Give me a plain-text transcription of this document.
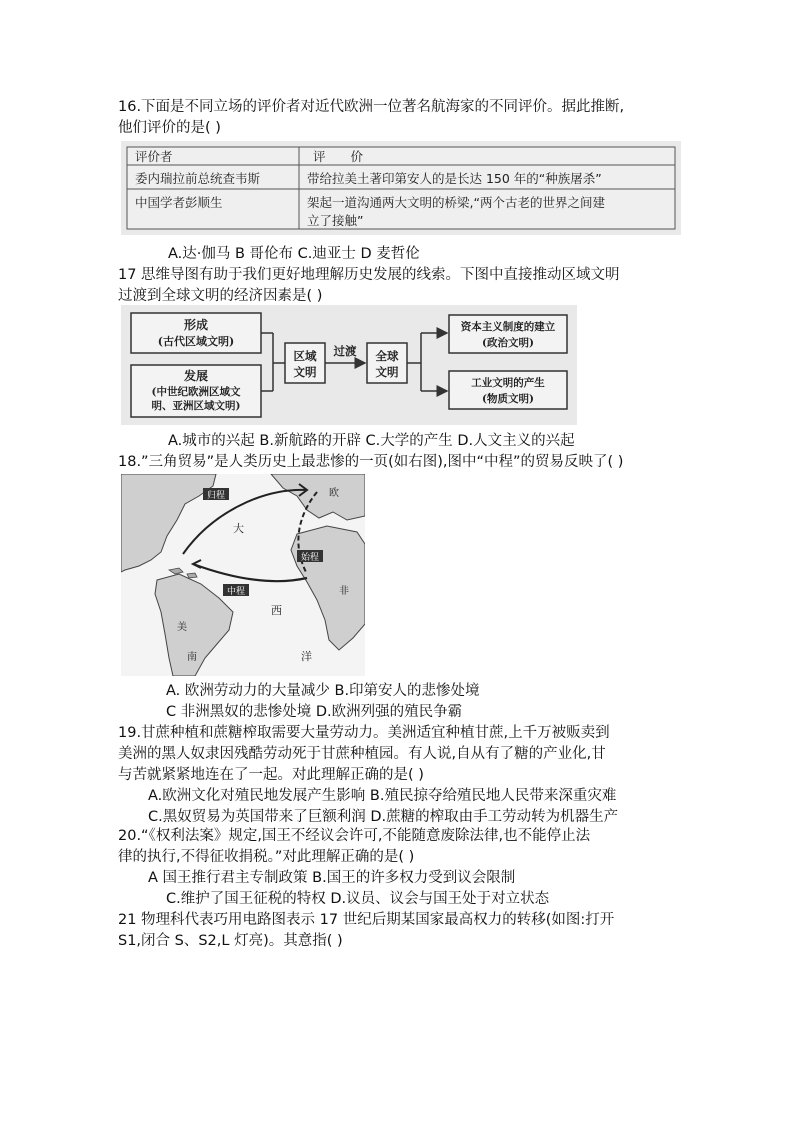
16.下面是不同立场的评价者对近代欧洲一位著名航海家的不同评价。据此推断,
他们评价的是( )
评价者	评　　价
委内瑞拉前总统查韦斯	带给拉美土著印第安人的是长达 150 年的“种族屠杀”
中国学者彭顺生	架起一道沟通两大文明的桥梁,“两个古老的世界之间建
立了接触”
A.达·伽马 B 哥伦布 C.迪亚士 D 麦哲伦
17 思维导图有助于我们更好地理解历史发展的线索。下图中直接推动区域文明
过渡到全球文明的经济因素是( )
形成
(古代区域文明)
发展
(中世纪欧洲区域文
明、亚洲区域文明)
区域
文明
过渡 全球
文明
资本主义制度的建立
(政治文明)
工业文明的产生
(物质文明)
A.城市的兴起 B.新航路的开辟 C.大学的产生 D.人文主义的兴起
18.”三角贸易”是人类历史上最悲惨的一页(如右图),图中“中程”的贸易反映了( )
归程
始程
中程
欧
大
西
洋
非
美
南
A. 欧洲劳动力的大量减少 B.印第安人的悲惨处境
C 非洲黑奴的悲惨处境 D.欧洲列强的殖民争霸
19.甘蔗种植和蔗糖榨取需要大量劳动力。美洲适宜种植甘蔗,上千万被贩卖到
美洲的黑人奴隶因残酷劳动死于甘蔗种植园。有人说,自从有了糖的产业化,甘
与苦就紧紧地连在了一起。对此理解正确的是( )
A.欧洲文化对殖民地发展产生影响 B.殖民掠夺给殖民地人民带来深重灾难
C.黑奴贸易为英国带来了巨额利润 D.蔗糖的榨取由手工劳动转为机器生产
20.“《权利法案》规定,国王不经议会许可,不能随意废除法律,也不能停止法
律的执行,不得征收捐税。”对此理解正确的是( )
A 国王推行君主专制政策 B.国王的许多权力受到议会限制
C.维护了国王征税的特权 D.议员、议会与国王处于对立状态
21 物理科代表巧用电路图表示 17 世纪后期某国家最高权力的转移(如图:打开
S1,闭合 S、S2,L 灯亮)。其意指( )
